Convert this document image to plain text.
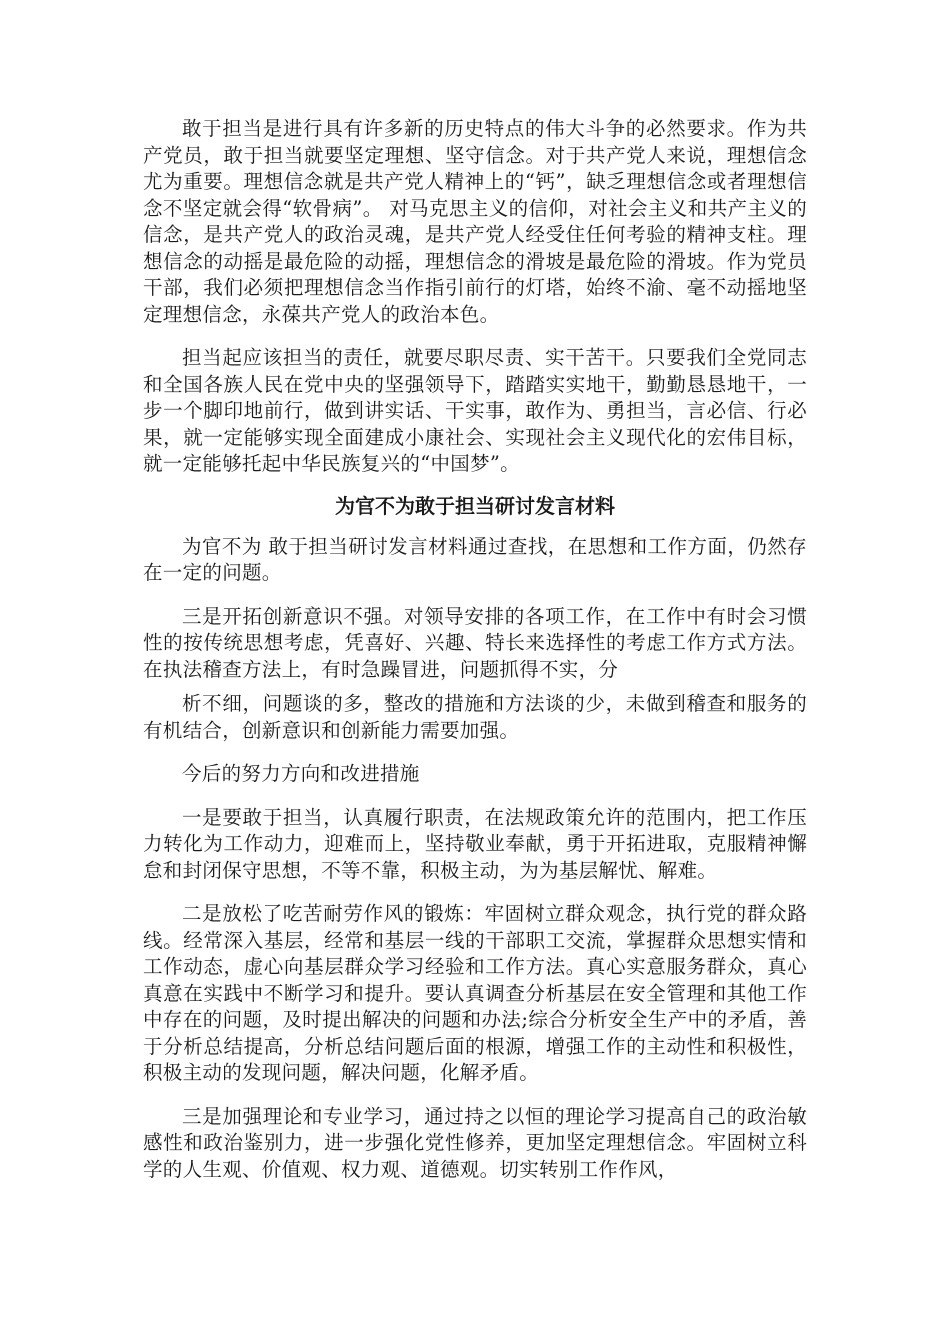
敢于担当是进行具有许多新的历史特点的伟大斗争的必然要求。作为共产党员，敢于担当就要坚定理想、坚守信念。对于共产党人来说，理想信念尤为重要。理想信念就是共产党人精神上的“钙”，缺乏理想信念或者理想信念不坚定就会得“软骨病”。 对马克思主义的信仰，对社会主义和共产主义的信念，是共产党人的政治灵魂，是共产党人经受住任何考验的精神支柱。理想信念的动摇是最危险的动摇，理想信念的滑坡是最危险的滑坡。作为党员干部，我们必须把理想信念当作指引前行的灯塔，始终不渝、毫不动摇地坚定理想信念，永葆共产党人的政治本色。

担当起应该担当的责任，就要尽职尽责、实干苦干。只要我们全党同志和全国各族人民在党中央的坚强领导下，踏踏实实地干，勤勤恳恳地干，一步一个脚印地前行，做到讲实话、干实事，敢作为、勇担当，言必信、行必果，就一定能够实现全面建成小康社会、实现社会主义现代化的宏伟目标，就一定能够托起中华民族复兴的“中国梦”。

为官不为敢于担当研讨发言材料

为官不为 敢于担当研讨发言材料通过查找，在思想和工作方面，仍然存在一定的问题。

三是开拓创新意识不强。对领导安排的各项工作，在工作中有时会习惯性的按传统思想考虑，凭喜好、兴趣、特长来选择性的考虑工作方式方法。在执法稽查方法上，有时急躁冒进，问题抓得不实，分

析不细，问题谈的多，整改的措施和方法谈的少，未做到稽查和服务的有机结合，创新意识和创新能力需要加强。

今后的努力方向和改进措施

一是要敢于担当，认真履行职责，在法规政策允许的范围内，把工作压力转化为工作动力，迎难而上，坚持敬业奉献，勇于开拓进取，克服精神懈怠和封闭保守思想，不等不靠，积极主动，为为基层解忧、解难。

二是放松了吃苦耐劳作风的锻炼：牢固树立群众观念，执行党的群众路线。经常深入基层，经常和基层一线的干部职工交流，掌握群众思想实情和工作动态，虚心向基层群众学习经验和工作方法。真心实意服务群众，真心真意在实践中不断学习和提升。要认真调查分析基层在安全管理和其他工作中存在的问题，及时提出解决的问题和办法;综合分析安全生产中的矛盾，善于分析总结提高，分析总结问题后面的根源，增强工作的主动性和积极性，积极主动的发现问题，解决问题，化解矛盾。

三是加强理论和专业学习，通过持之以恒的理论学习提高自己的政治敏感性和政治鉴别力，进一步强化党性修养，更加坚定理想信念。牢固树立科学的人生观、价值观、权力观、道德观。切实转别工作作风，
